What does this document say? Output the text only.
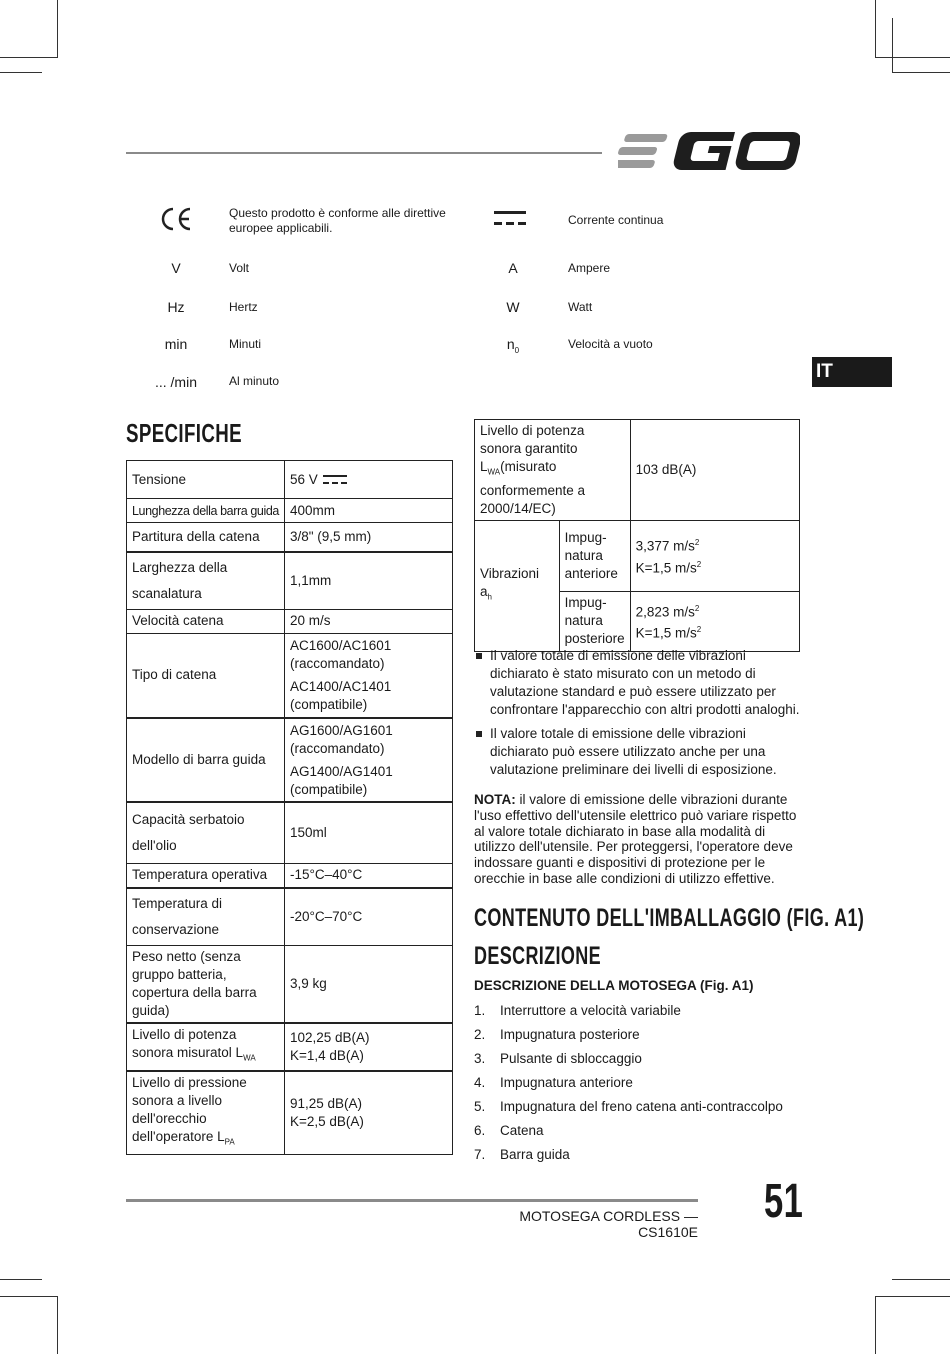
IT
Questo prodotto è conforme alle direttive europee applicabili.
V	Volt
Hz	Hertz
min	Minuti
... /min	Al minuto
Corrente continua
A	Ampere
W	Watt
$n_0$	Velocità a vuoto
SPECIFICHE
Tensione	56 V
Lunghezza della barra guida	400mm
Partitura della catena	3/8" (9,5 mm)
Larghezza della
scanalatura	1,1mm
Velocità catena	20 m/s
Tipo di catena	AC1600/AC1601 (raccomandato)
AC1400/AC1401 (compatibile)

Modello di barra guida	AG1600/AG1601 (raccomandato)
AG1400/AG1401 (compatibile)

Capacità serbatoio
dell'olio	150ml
Temperatura operativa	-15°C–40°C
Temperatura di
conservazione	-20°C–70°C
Peso netto (senza gruppo batteria, copertura della barra guida)	3,9 kg
Livello di potenza sonora misuratol $L_{WA}$	102,25 dB(A)
K=1,4 dB(A)

Livello di pressione sonora a livello dell'orecchio dell'operatore $L_{PA}$	91,25 dB(A)
K=2,5 dB(A)
Livello di potenza sonora garantito $L_{WA}(misurato$ conformemente a 2000/14/EC)		103 dB(A)
Vibrazioni $a_h$	Impug-natura anteriore	3,377 $m/s^2$
K=1,5 $m/s^2$

	Impug-natura posteriore	2,823 $m/s^2$
K=1,5 $m/s^2$
Il valore totale di emissione delle vibrazioni dichiarato è stato misurato con un metodo di valutazione standard e può essere utilizzato per confrontare l'apparecchio con altri prodotti analoghi.
Il valore totale di emissione delle vibrazioni dichiarato può essere utilizzato anche per una valutazione preliminare dei livelli di esposizione.
NOTA: il valore di emissione delle vibrazioni durante l'uso effettivo dell'utensile elettrico può variare rispetto al valore totale dichiarato in base alla modalità di utilizzo dell'utensile. Per proteggersi, l'operatore deve indossare guanti e dispositivi di protezione per le orecchie in base alle condizioni di utilizzo effettive.
CONTENUTO DELL'IMBALLAGGIO (FIG. A1)
DESCRIZIONE
DESCRIZIONE DELLA MOTOSEGA (Fig. A1)
1.	Interruttore a velocità variabile
2.	Impugnatura posteriore
3.	Pulsante di sbloccaggio
4.	Impugnatura anteriore
5.	Impugnatura del freno catena anti-contraccolpo
6.	Catena
7.	Barra guida
MOTOSEGA CORDLESS — CS1610E
51
